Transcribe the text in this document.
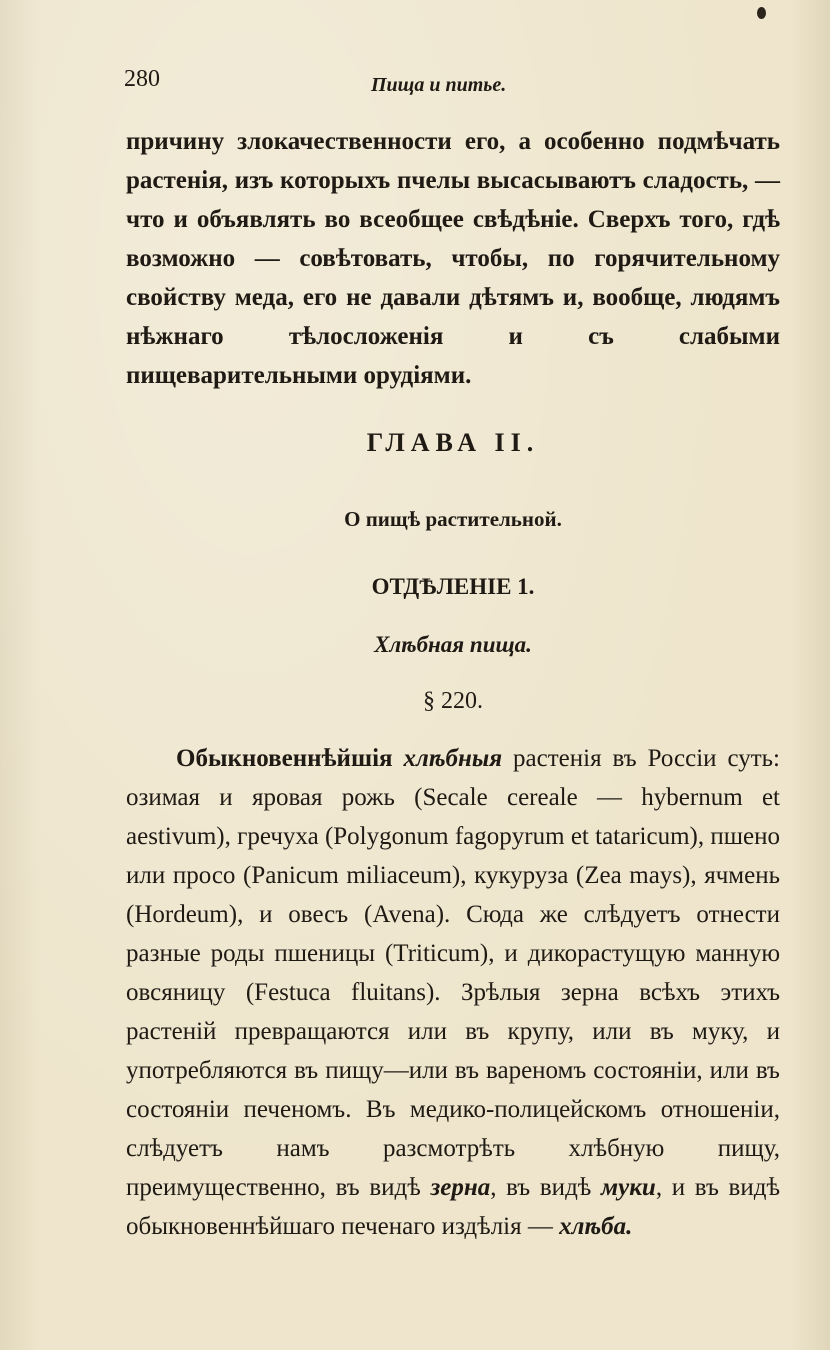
280	Пища и питье.

причину злокачественности его, а особенно подмѣчать растенія, изъ которыхъ пчелы высасываютъ сладость, — что и объявлять во всеобщее свѣдѣніе. Сверхъ того, гдѣ возможно — совѣтовать, чтобы, по горячительному свойству меда, его не давали дѣтямъ и, вообще, людямъ нѣжнаго тѣлосложенія и съ слабыми пищеварительными орудіями.

ГЛАВА II.
О пищѣ растительной.
ОТДѢЛЕНІЕ 1.
Хлѣбная пища.
§ 220.

Обыкновеннѣйшія хлѣбныя растенія въ Россіи суть: озимая и яровая рожь (Secale cereale — hybernum et aestivum), гречуха (Polygonum fagopyrum et tataricum), пшено или просо (Panicum miliaceum), кукуруза (Zea mays), ячмень (Hordeum), и овесъ (Avena). Сюда же слѣдуетъ отнести разные роды пшеницы (Triticum), и дикорастущую манную овсяницу (Festuca fluitans). Зрѣлыя зерна всѣхъ этихъ растеній превращаются или въ крупу, или въ муку, и употребляются въ пищу—или въ вареномъ состояніи, или въ состояніи печеномъ. Въ медико-полицейскомъ отношеніи, слѣдуетъ намъ разсмотрѣть хлѣбную пищу, преимущественно, въ видѣ зерна, въ видѣ муки, и въ видѣ обыкновеннѣйшаго печенаго издѣлія — хлѣба.
